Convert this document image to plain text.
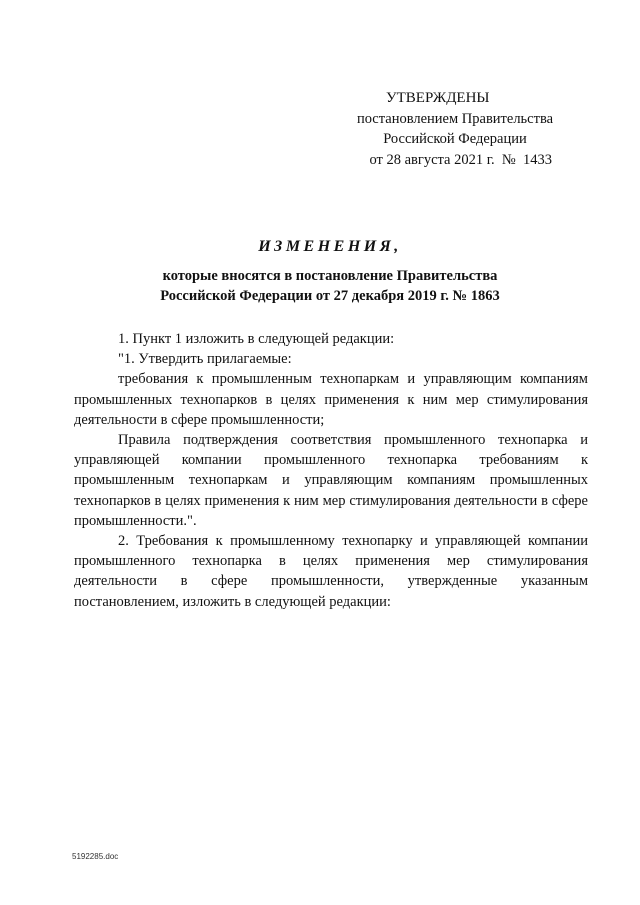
УТВЕРЖДЕНЫ
постановлением Правительства
Российской Федерации
от 28 августа 2021 г. № 1433
ИЗМЕНЕНИЯ,
которые вносятся в постановление Правительства
Российской Федерации от 27 декабря 2019 г. № 1863

1. Пункт 1 изложить в следующей редакции:

"1. Утвердить прилагаемые:

требования к промышленным технопаркам и управляющим компаниям промышленных технопарков в целях применения к ним мер стимулирования деятельности в сфере промышленности;

Правила подтверждения соответствия промышленного технопарка и управляющей компании промышленного технопарка требованиям к промышленным технопаркам и управляющим компаниям промышленных технопарков в целях применения к ним мер стимулирования деятельности в сфере промышленности.".

2. Требования к промышленному технопарку и управляющей компании промышленного технопарка в целях применения мер стимулирования деятельности в сфере промышленности, утвержденные указанным постановлением, изложить в следующей редакции:

5192285.doc
